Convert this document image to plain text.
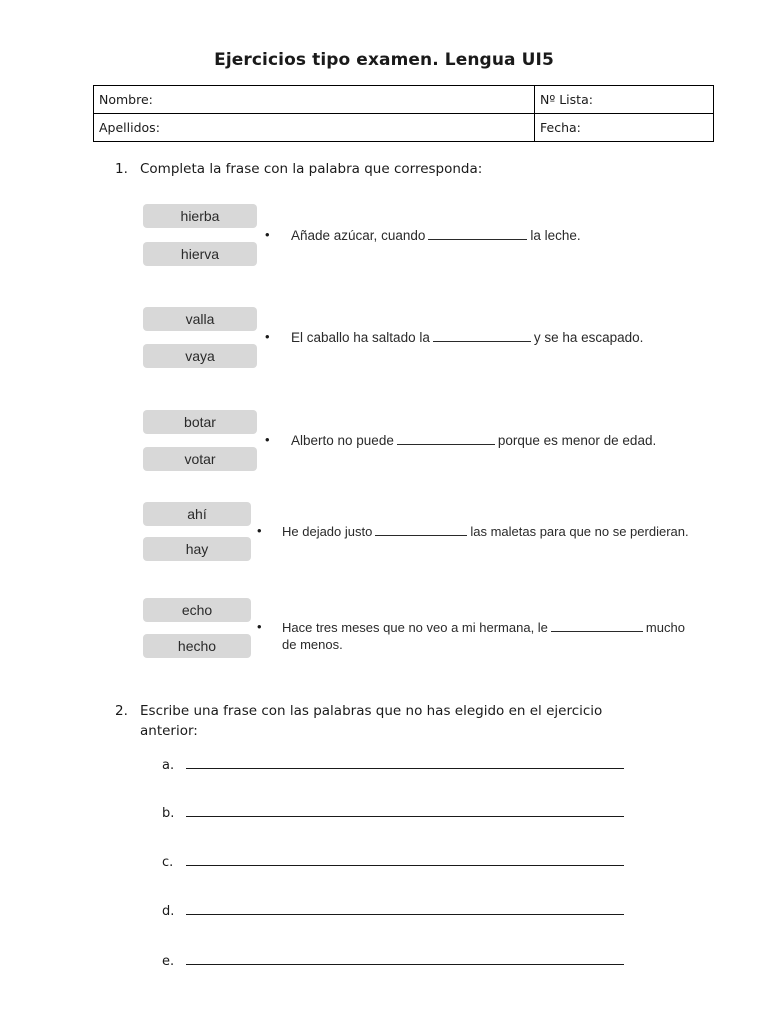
Ejercicios tipo examen. Lengua UI5
Nombre:	Nº Lista:
Apellidos:	Fecha:
1. Completa la frase con la palabra que corresponda:
hierba
hierva
• Añade azúcar, cuando	la leche.
valla
vaya
• El caballo ha saltado la	y se ha escapado.
botar
votar
• Alberto no puede	porque es menor de edad.
ahí
hay
• He dejado justo	las maletas para que no se perdieran.
echo
hecho
• Hace tres meses que no veo a mi hermana, le	mucho
de menos.
2. Escribe una frase con las palabras que no has elegido en el ejercicio
anterior:
a.
b.
c.
d.
e.
